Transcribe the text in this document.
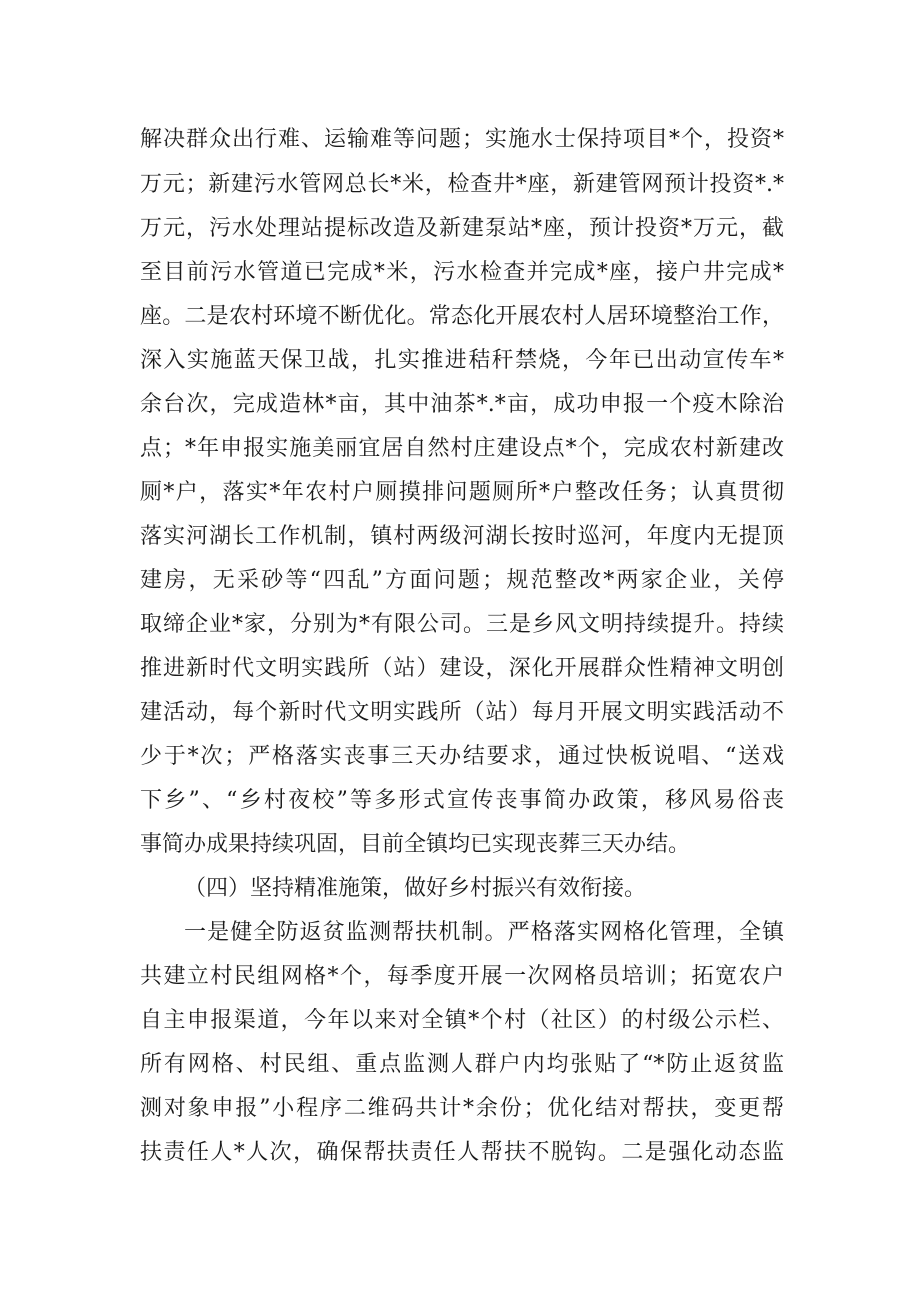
解决群众出行难、运输难等问题；实施水士保持项目*个，投资*
万元；新建污水管网总长*米，检查井*座，新建管网预计投资*.*
万元，污水处理站提标改造及新建泵站*座，预计投资*万元，截
至目前污水管道已完成*米，污水检查并完成*座，接户井完成*
座。二是农村环境不断优化。常态化开展农村人居环境整治工作，
深入实施蓝天保卫战，扎实推进秸秆禁烧，今年已出动宣传车*
余台次，完成造林*亩，其中油茶*.*亩，成功申报一个疫木除治
点；*年申报实施美丽宜居自然村庄建设点*个，完成农村新建改
厕*户，落实*年农村户厕摸排问题厕所*户整改任务；认真贯彻
落实河湖长工作机制，镇村两级河湖长按时巡河，年度内无提顶
建房，无采砂等“四乱”方面问题；规范整改*两家企业，关停
取缔企业*家，分别为*有限公司。三是乡风文明持续提升。持续
推进新时代文明实践所（站）建设，深化开展群众性精神文明创
建活动，每个新时代文明实践所（站）每月开展文明实践活动不
少于*次；严格落实丧事三天办结要求，通过快板说唱、“送戏
下乡”、“乡村夜校”等多形式宣传丧事简办政策，移风易俗丧
事简办成果持续巩固，目前全镇均已实现丧葬三天办结。
（四）坚持精准施策，做好乡村振兴有效衔接。
一是健全防返贫监测帮扶机制。严格落实网格化管理，全镇
共建立村民组网格*个，每季度开展一次网格员培训；拓宽农户
自主申报渠道，今年以来对全镇*个村（社区）的村级公示栏、
所有网格、村民组、重点监测人群户内均张贴了“*防止返贫监
测对象申报”小程序二维码共计*余份；优化结对帮扶，变更帮
扶责任人*人次，确保帮扶责任人帮扶不脱钩。二是强化动态监
